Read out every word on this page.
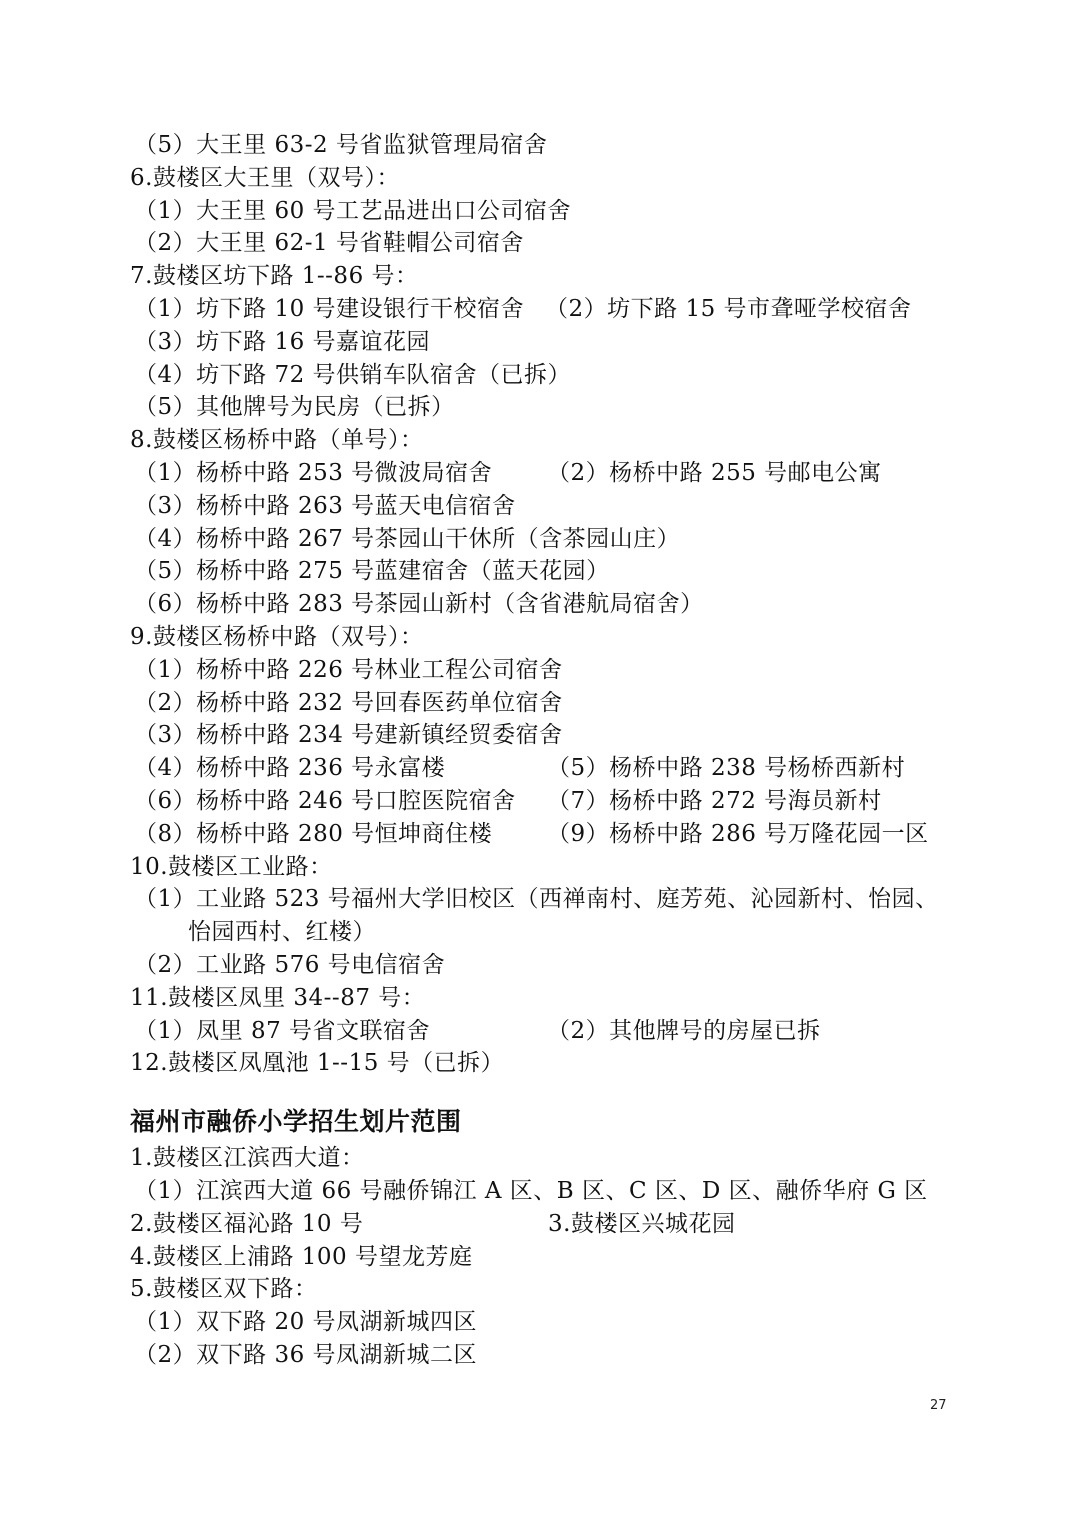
（5）大王里 63-2 号省监狱管理局宿舍
6.鼓楼区大王里（双号）：
（1）大王里 60 号工艺品进出口公司宿舍
（2）大王里 62-1 号省鞋帽公司宿舍
7.鼓楼区坊下路 1--86 号：
（1）坊下路 10 号建设银行干校宿舍 （2）坊下路 15 号市聋哑学校宿舍
（3）坊下路 16 号嘉谊花园
（4）坊下路 72 号供销车队宿舍（已拆）
（5）其他牌号为民房（已拆）
8.鼓楼区杨桥中路（单号）：
（1）杨桥中路 253 号微波局宿舍	（2）杨桥中路 255 号邮电公寓
（3）杨桥中路 263 号蓝天电信宿舍
（4）杨桥中路 267 号茶园山干休所（含茶园山庄）
（5）杨桥中路 275 号蓝建宿舍（蓝天花园）
（6）杨桥中路 283 号茶园山新村（含省港航局宿舍）
9.鼓楼区杨桥中路（双号）：
（1）杨桥中路 226 号林业工程公司宿舍
（2）杨桥中路 232 号回春医药单位宿舍
（3）杨桥中路 234 号建新镇经贸委宿舍
（4）杨桥中路 236 号永富楼	（5）杨桥中路 238 号杨桥西新村
（6）杨桥中路 246 号口腔医院宿舍	（7）杨桥中路 272 号海员新村
（8）杨桥中路 280 号恒坤商住楼	（9）杨桥中路 286 号万隆花园一区
10.鼓楼区工业路：
（1）工业路 523 号福州大学旧校区（西禅南村、庭芳苑、沁园新村、怡园、
怡园西村、红楼）
（2）工业路 576 号电信宿舍
11.鼓楼区凤里 34--87 号：
（1）凤里 87 号省文联宿舍	（2）其他牌号的房屋已拆
12.鼓楼区凤凰池 1--15 号（已拆）
福州市融侨小学招生划片范围
1.鼓楼区江滨西大道：
（1）江滨西大道 66 号融侨锦江 A 区、B 区、C 区、D 区、融侨华府 G 区
2.鼓楼区福沁路 10 号	3.鼓楼区兴城花园
4.鼓楼区上浦路 100 号望龙芳庭
5.鼓楼区双下路：
（1）双下路 20 号凤湖新城四区
（2）双下路 36 号凤湖新城二区
27
